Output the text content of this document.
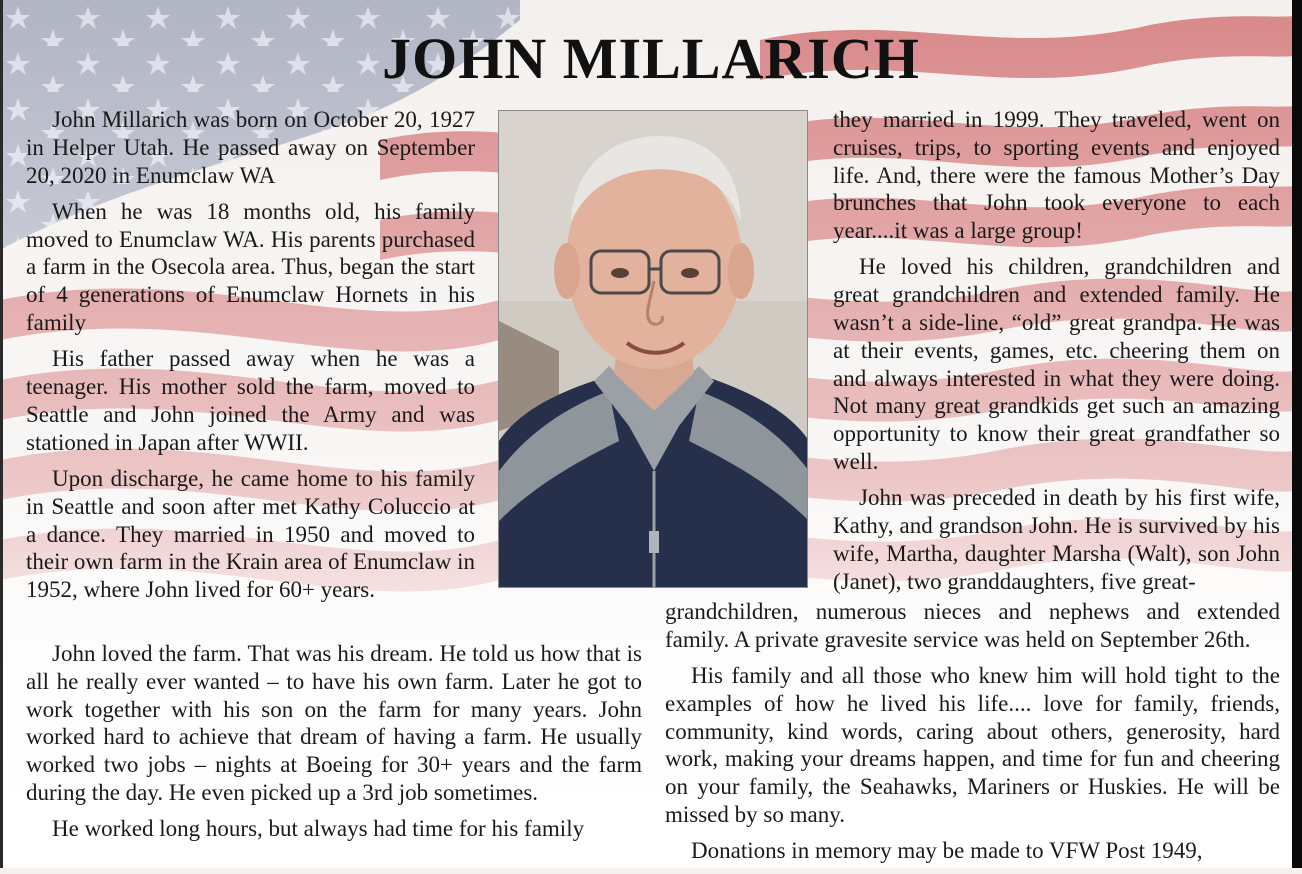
JOHN MILLARICH

John Millarich was born on October 20, 1927 in Helper Utah. He passed away on September 20, 2020 in Enumclaw WA

When he was 18 months old, his family moved to Enumclaw WA. His parents purchased a farm in the Osecola area. Thus, began the start of 4 generations of Enumclaw Hornets in his family

His father passed away when he was a teenager. His mother sold the farm, moved to Seattle and John joined the Army and was stationed in Japan after WWII.

Upon discharge, he came home to his family in Seattle and soon after met Kathy Coluccio at a dance. They married in 1950 and moved to their own farm in the Krain area of Enumclaw in 1952, where John lived for 60+ years.

they married in 1999. They traveled, went on cruises, trips, to sporting events and enjoyed life. And, there were the famous Mother’s Day brunches that John took everyone to each year....it was a large group!

He loved his children, grandchildren and great grandchildren and extended family. He wasn’t a side-line, “old” great grandpa. He was at their events, games, etc. cheering them on and always interested in what they were doing. Not many great grandkids get such an amazing opportunity to know their great grandfather so well.

John was preceded in death by his first wife, Kathy, and grandson John. He is survived by his wife, Martha, daughter Marsha (Walt), son John (Janet), two granddaughters, five great-

John loved the farm. That was his dream. He told us how that is all he really ever wanted – to have his own farm. Later he got to work together with his son on the farm for many years. John worked hard to achieve that dream of having a farm. He usually worked two jobs – nights at Boeing for 30+ years and the farm during the day. He even picked up a 3rd job sometimes.

He worked long hours, but always had time for his family

grandchildren, numerous nieces and nephews and extended family. A private gravesite service was held on September 26th.

His family and all those who knew him will hold tight to the examples of how he lived his life.... love for family, friends, community, kind words, caring about others, generosity, hard work, making your dreams happen, and time for fun and cheering on your family, the Seahawks, Mariners or Huskies. He will be missed by so many.

Donations in memory may be made to VFW Post 1949,
